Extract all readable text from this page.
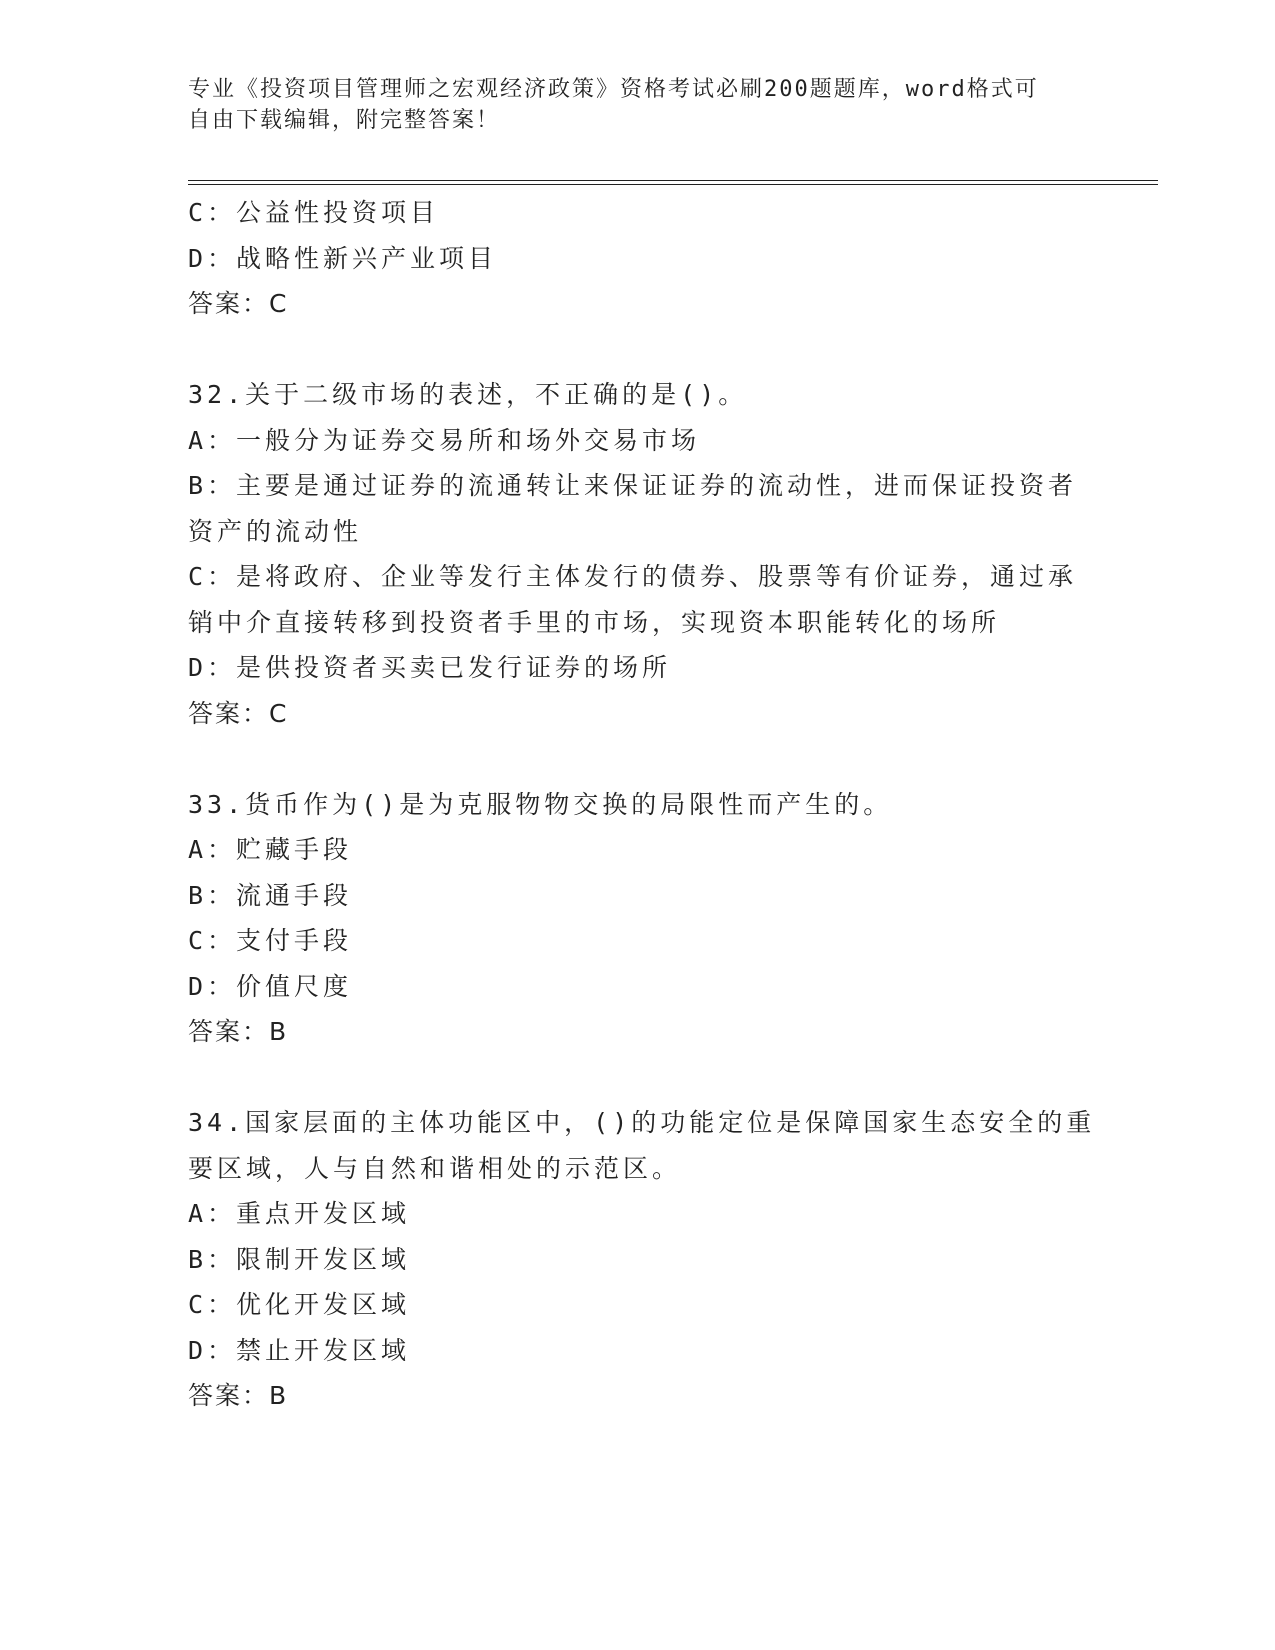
专业《投资项目管理师之宏观经济政策》资格考试必刷200题题库，word格式可
自由下载编辑，附完整答案！
C：公益性投资项目
D：战略性新兴产业项目
答案：C
32.关于二级市场的表述，不正确的是()。
A：一般分为证券交易所和场外交易市场
B：主要是通过证券的流通转让来保证证券的流动性，进而保证投资者
资产的流动性
C：是将政府、企业等发行主体发行的债券、股票等有价证券，通过承
销中介直接转移到投资者手里的市场，实现资本职能转化的场所
D：是供投资者买卖已发行证券的场所
答案：C
33.货币作为()是为克服物物交换的局限性而产生的。
A：贮藏手段
B：流通手段
C：支付手段
D：价值尺度
答案：B
34.国家层面的主体功能区中，()的功能定位是保障国家生态安全的重
要区域，人与自然和谐相处的示范区。
A：重点开发区域
B：限制开发区域
C：优化开发区域
D：禁止开发区域
答案：B
